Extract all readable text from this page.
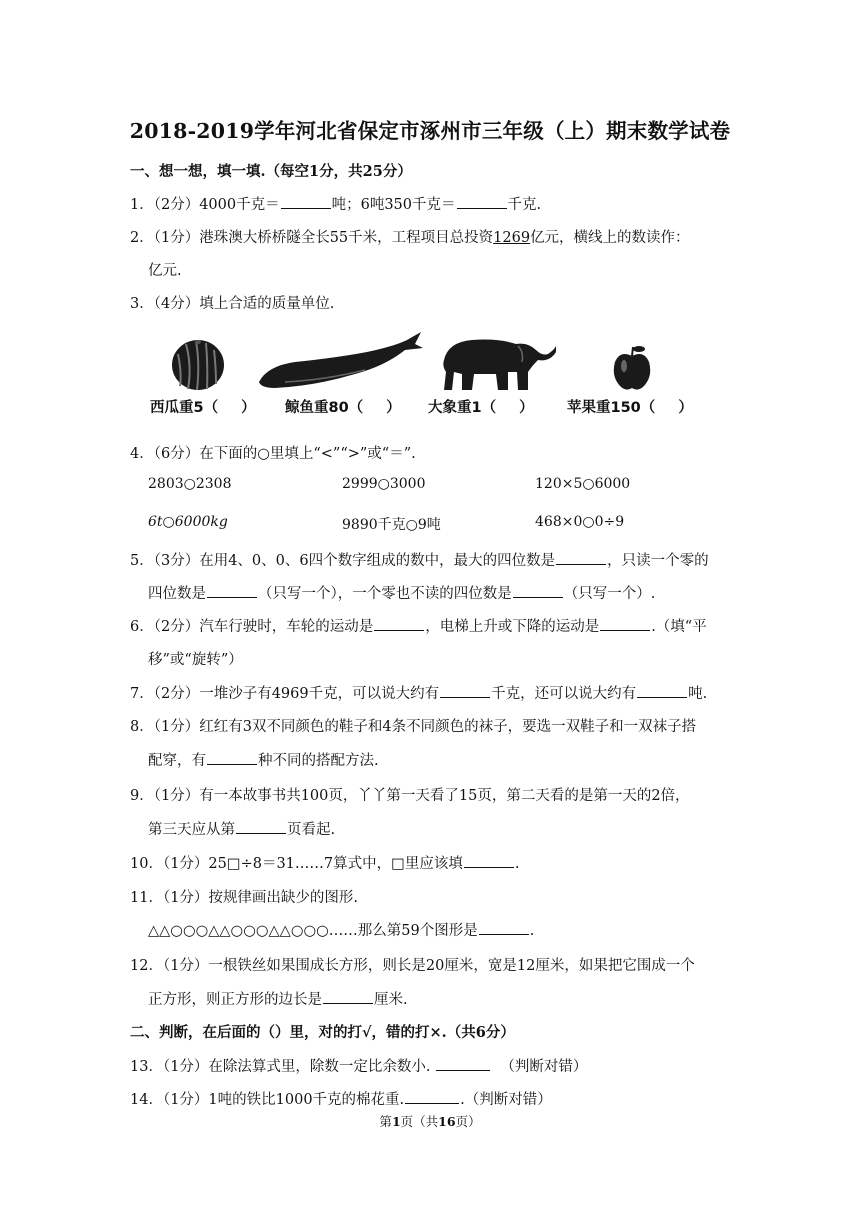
2018-2019学年河北省保定市涿州市三年级（上）期末数学试卷
一、想一想，填一填.（每空1分，共25分）
1．（2分）4000千克＝	吨；6吨350千克＝	千克.
2．（1分）港珠澳大桥桥隧全长55千米，工程项目总投资1269亿元，横线上的数读作：
亿元.
3．（4分）填上合适的质量单位.
西瓜重5（ ） 鲸鱼重80（ ） 大象重1（ ） 苹果重150（ ）
4．（6分）在下面的○里填上“<”“>”或“＝”.
2803○2308	2999○3000	120×5○6000
6t○6000kg	9890千克○9吨	468×0○0÷9
5．（3分）在用4、0、0、6四个数字组成的数中，最大的四位数是	，只读一个零的
四位数是	（只写一个），一个零也不读的四位数是	（只写一个）.
6．（2分）汽车行驶时，车轮的运动是	，电梯上升或下降的运动是	.（填“平
移”或“旋转”）
7．（2分）一堆沙子有4969千克，可以说大约有	千克，还可以说大约有	吨.
8．（1分）红红有3双不同颜色的鞋子和4条不同颜色的袜子，要选一双鞋子和一双袜子搭
配穿，有	种不同的搭配方法.
9．（1分）有一本故事书共100页，丫丫第一天看了15页，第二天看的是第一天的2倍，
第三天应从第	页看起.
10．（1分）25□÷8＝31……7算式中，□里应该填	.
11．（1分）按规律画出缺少的图形.
△△○○○△△○○○△△○○○……那么第59个图形是	.
12．（1分）一根铁丝如果围成长方形，则长是20厘米，宽是12厘米，如果把它围成一个
正方形，则正方形的边长是	厘米.
二、判断，在后面的（）里，对的打√，错的打×.（共6分）
13．（1分）在除法算式里，除数一定比余数小.	（判断对错）
14．（1分）1吨的铁比1000千克的棉花重.	.（判断对错）
第1页（共16页）
